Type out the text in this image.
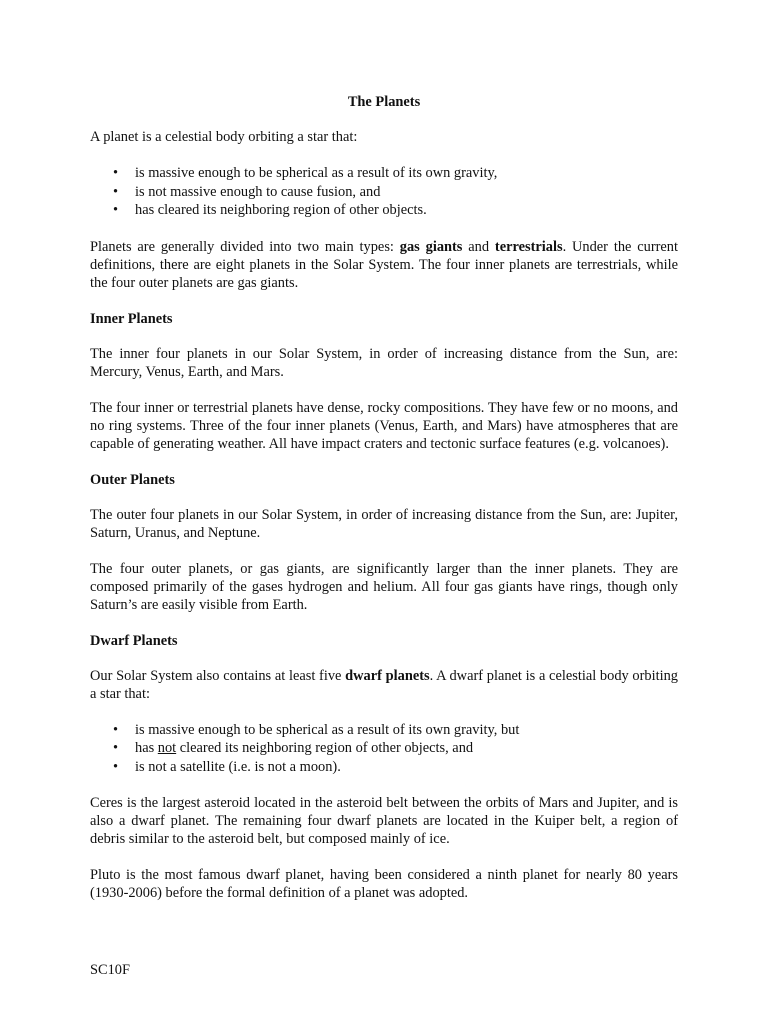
The Planets

A planet is a celestial body orbiting a star that:

• is massive enough to be spherical as a result of its own gravity,
• is not massive enough to cause fusion, and
• has cleared its neighboring region of other objects.

Planets are generally divided into two main types: gas giants and terrestrials. Under the current definitions, there are eight planets in the Solar System. The four inner planets are terrestrials, while the four outer planets are gas giants.

Inner Planets

The inner four planets in our Solar System, in order of increasing distance from the Sun, are: Mercury, Venus, Earth, and Mars.

The four inner or terrestrial planets have dense, rocky compositions. They have few or no moons, and no ring systems. Three of the four inner planets (Venus, Earth, and Mars) have atmospheres that are capable of generating weather. All have impact craters and tectonic surface features (e.g. volcanoes).

Outer Planets

The outer four planets in our Solar System, in order of increasing distance from the Sun, are: Jupiter, Saturn, Uranus, and Neptune.

The four outer planets, or gas giants, are significantly larger than the inner planets. They are composed primarily of the gases hydrogen and helium. All four gas giants have rings, though only Saturn’s are easily visible from Earth.

Dwarf Planets

Our Solar System also contains at least five dwarf planets. A dwarf planet is a celestial body orbiting a star that:

• is massive enough to be spherical as a result of its own gravity, but
• has not cleared its neighboring region of other objects, and
• is not a satellite (i.e. is not a moon).

Ceres is the largest asteroid located in the asteroid belt between the orbits of Mars and Jupiter, and is also a dwarf planet. The remaining four dwarf planets are located in the Kuiper belt, a region of debris similar to the asteroid belt, but composed mainly of ice.

Pluto is the most famous dwarf planet, having been considered a ninth planet for nearly 80 years (1930-2006) before the formal definition of a planet was adopted.

SC10F
